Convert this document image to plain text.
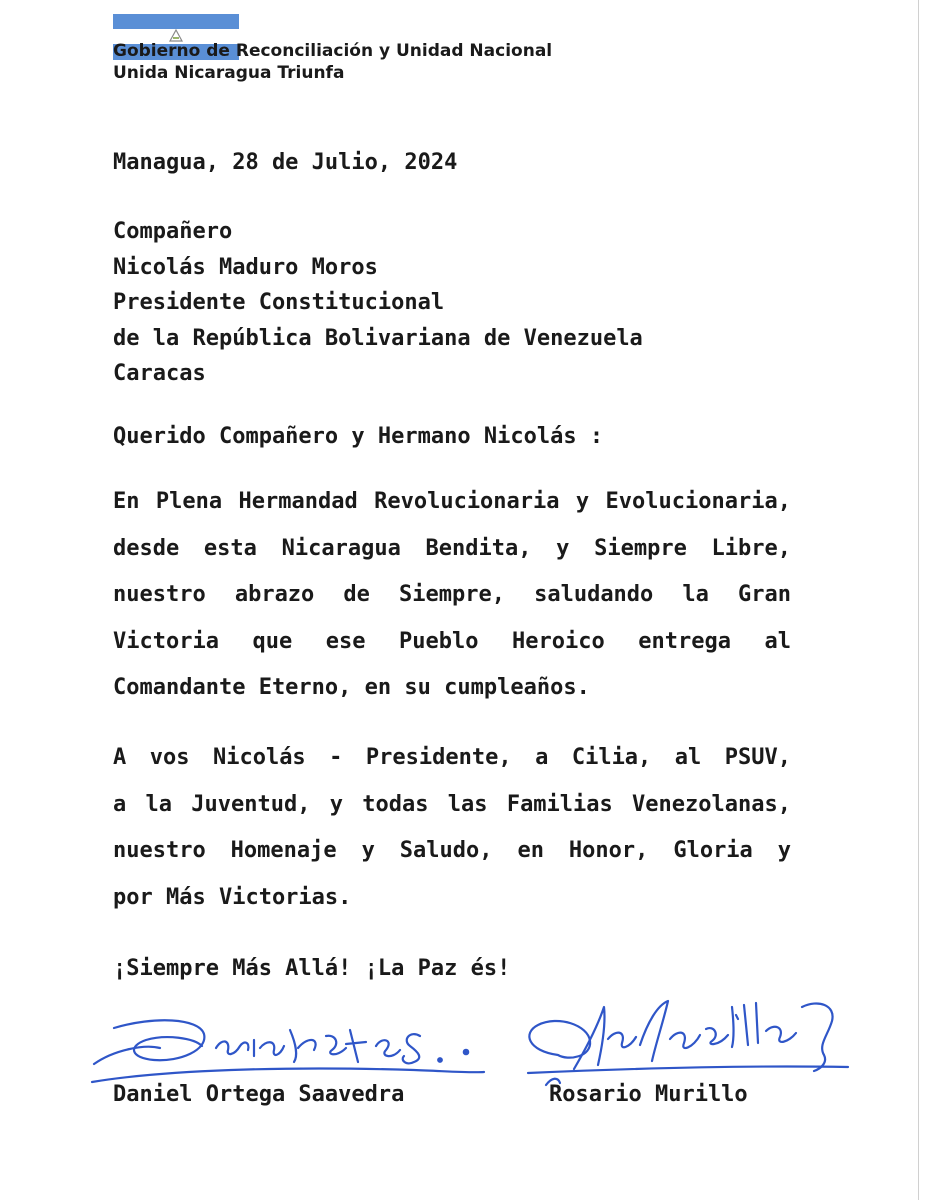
Gobierno de Reconciliación y Unidad Nacional
Unida Nicaragua Triunfa
Managua, 28 de Julio, 2024
Compañero
Nicolás Maduro Moros
Presidente Constitucional
de la República Bolivariana de Venezuela
Caracas
Querido Compañero y Hermano Nicolás :
En Plena Hermandad Revolucionaria y Evolucionaria,
desde esta Nicaragua Bendita, y Siempre Libre,
nuestro abrazo de Siempre, saludando la Gran
Victoria que ese Pueblo Heroico entrega al
Comandante Eterno, en su cumpleaños.
A vos Nicolás - Presidente, a Cilia, al PSUV,
a la Juventud, y todas las Familias Venezolanas,
nuestro Homenaje y Saludo, en Honor, Gloria y
por Más Victorias.
¡Siempre Más Allá! ¡La Paz és!
Daniel Ortega Saavedra	Rosario Murillo
